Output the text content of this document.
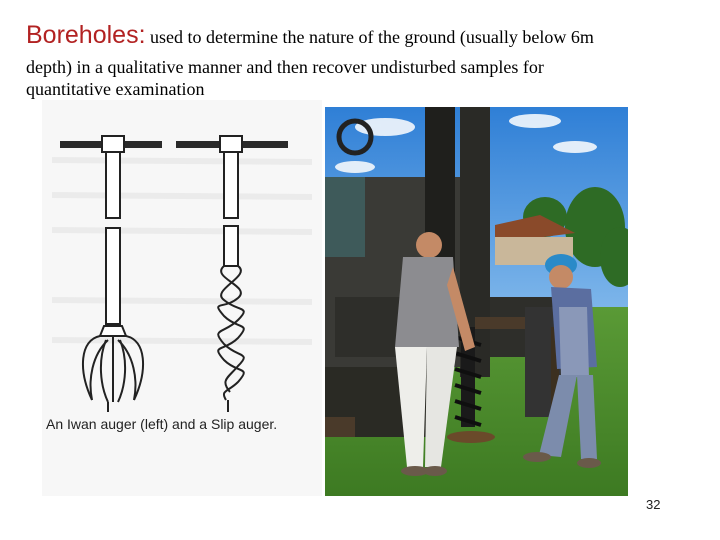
Boreholes: used to determine the nature of the ground (usually below 6m
depth) in a qualitative manner and then recover undisturbed samples for
quantitative examination
An Iwan auger (left) and a Slip auger.
32
